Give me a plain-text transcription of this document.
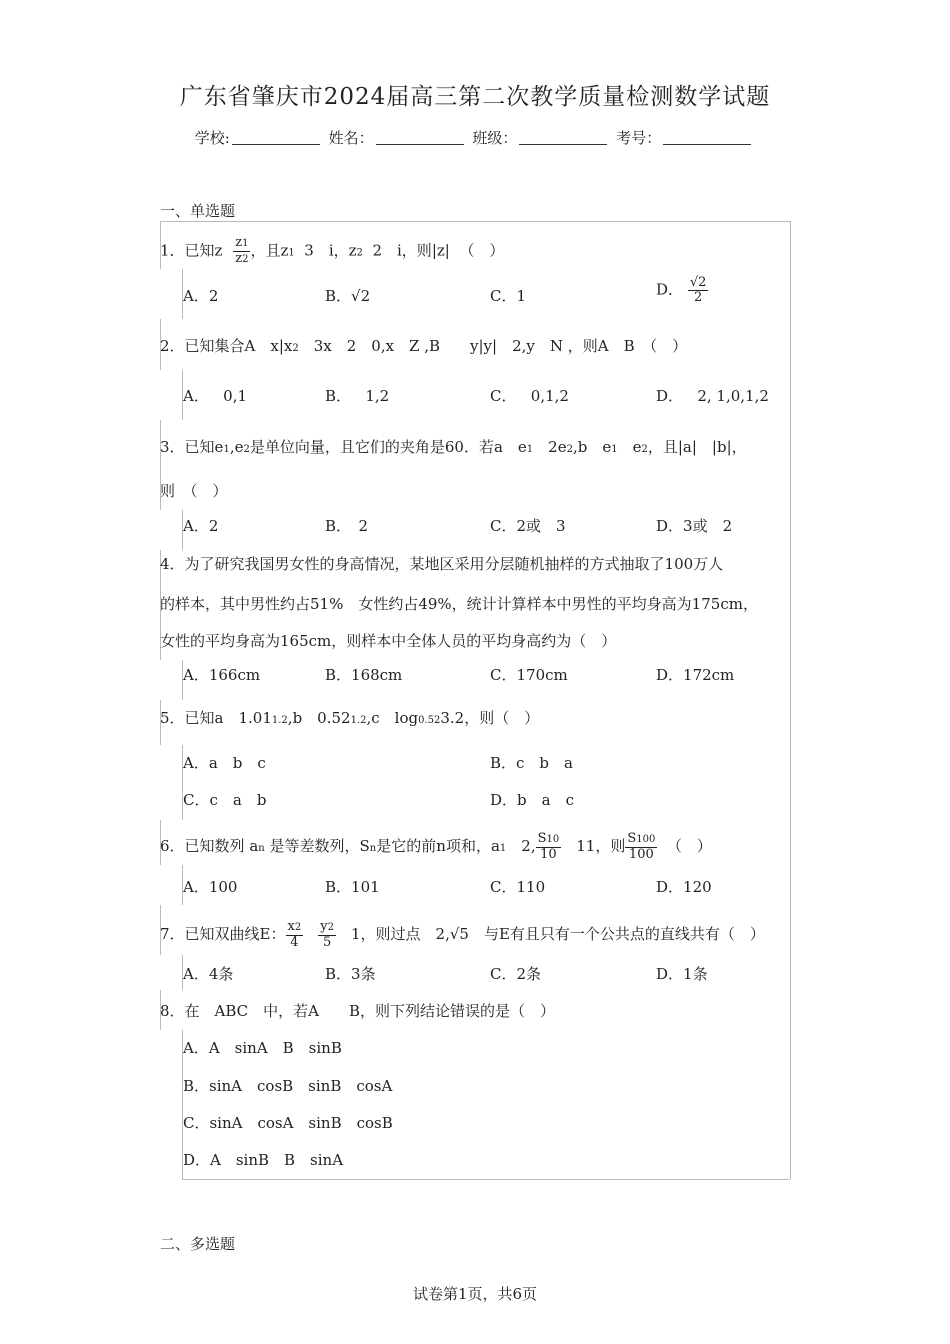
广东省肇庆市2024届高三第二次教学质量检测数学试题
学校:	姓名：	班级：	考号：
一、单选题
1．已知z $\frac{z1}{z2}$ ，且z1 3　i，z2 2　i，则|z|  （　）
A．2	B．√2	C．1	D． $\frac{√2}{2}$
2．已知集合A　x|x2　3x　2　0,x　Z ,B　　y|y|　2,y　N ，则A　B　（　）
A． 0,1	B． 1,2	C． 0,1,2	D． 2, 1,0,1,2
3．已知e1,e2是单位向量，且它们的夹角是60．若a　e1　2e2,b　e1　e2，且|a|　|b|，
则　（　）
A．2	B．　2	C．2或　3	D．3或　2
4．为了研究我国男女性的身高情况，某地区采用分层随机抽样的方式抽取了100万人
的样本，其中男性约占51%　女性约占49%，统计计算样本中男性的平均身高为175cm，
女性的平均身高为165cm，则样本中全体人员的平均身高约为（　）
A．166cm	B．168cm	C．170cm	D．172cm
5．已知a　1.011.2,b　0.521.2,c　log0.523.2，则（　）
A．a　b　c	B．c　b　a
C．c　a　b	D．b　a　c
6．已知数列 an 是等差数列，Sn是它的前n项和，a1　2, $\frac{S10}{10}$ 　11，则 $\frac{S100}{100}$ （　）
A．100	B．101	C．110	D．120
7．已知双曲线E： $\frac{x2}{4}$
　 $\frac{y2}{5}$
　 1，则过点　2,√5　与E有且只有一个公共点的直线共有（　）
A．4条	B．3条	C．2条	D．1条
8．在　ABC　中，若A　　B，则下列结论错误的是（　）
A．A　sinA　B　sinB
B．sinA　cosB　sinB　cosA
C．sinA　cosA　sinB　cosB
D．A　sinB　B　sinA
二、多选题
试卷第1页，共6页
